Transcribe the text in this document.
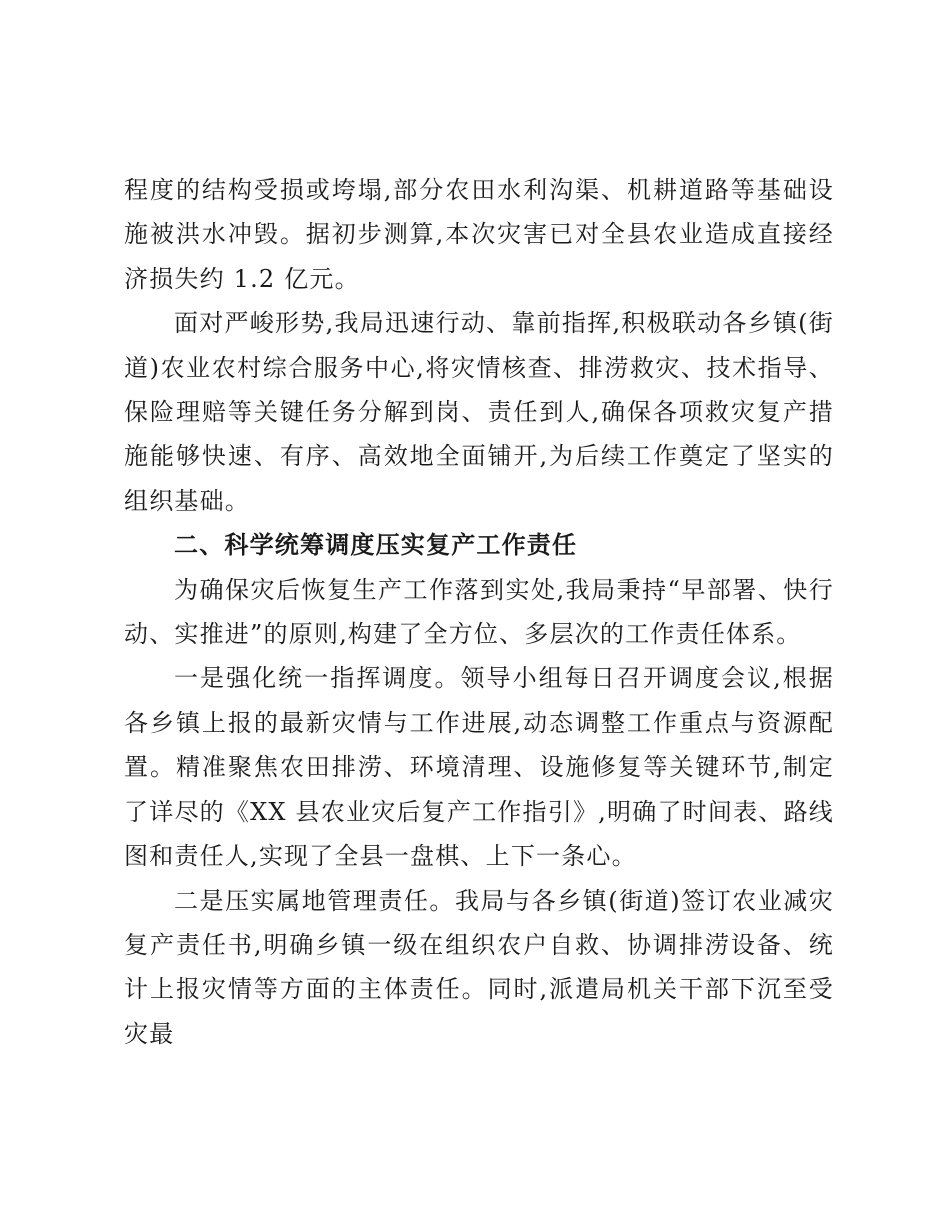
程度的结构受损或垮塌,部分农田水利沟渠、机耕道路等基础设施被洪水冲毁。据初步测算,本次灾害已对全县农业造成直接经济损失约 1.2 亿元。

面对严峻形势,我局迅速行动、靠前指挥,积极联动各乡镇(街道)农业农村综合服务中心,将灾情核查、排涝救灾、技术指导、保险理赔等关键任务分解到岗、责任到人,确保各项救灾复产措施能够快速、有序、高效地全面铺开,为后续工作奠定了坚实的组织基础。

二、科学统筹调度压实复产工作责任

为确保灾后恢复生产工作落到实处,我局秉持“早部署、快行动、实推进”的原则,构建了全方位、多层次的工作责任体系。

一是强化统一指挥调度。领导小组每日召开调度会议,根据各乡镇上报的最新灾情与工作进展,动态调整工作重点与资源配置。精准聚焦农田排涝、环境清理、设施修复等关键环节,制定了详尽的《XX 县农业灾后复产工作指引》,明确了时间表、路线图和责任人,实现了全县一盘棋、上下一条心。

二是压实属地管理责任。我局与各乡镇(街道)签订农业减灾复产责任书,明确乡镇一级在组织农户自救、协调排涝设备、统计上报灾情等方面的主体责任。同时,派遣局机关干部下沉至受灾最
